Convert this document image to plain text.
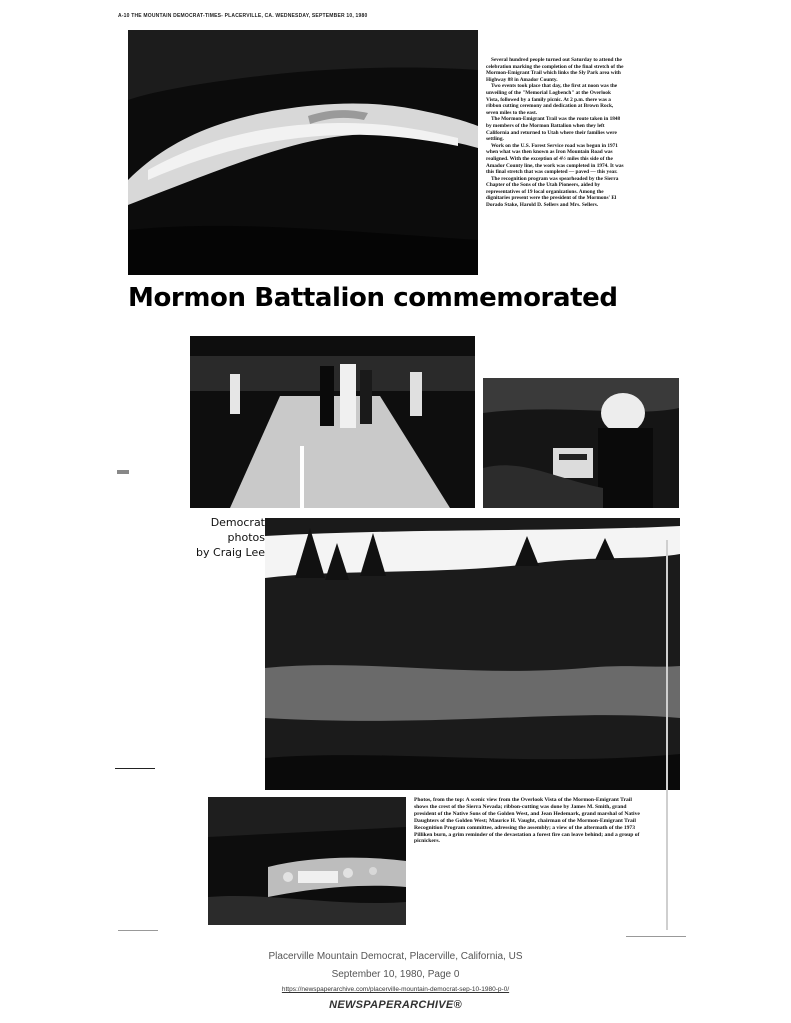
A-10 THE MOUNTAIN DEMOCRAT-TIMES- PLACERVILLE, CA. WEDNESDAY, SEPTEMBER 10, 1980

Several hundred people turned out Saturday to attend the celebration marking the completion of the final stretch of the Mormon-Emigrant Trail which links the Sly Park area with Highway 88 in Amador County.

Two events took place that day, the first at noon was the unveiling of the "Memorial Logbench" at the Overlook Vista, followed by a family picnic. At 2 p.m. there was a ribbon cutting ceremony and dedication at Brown Rock, seven miles to the east.

The Mormon-Emigrant Trail was the route taken in 1848 by members of the Mormon Battalion when they left California and returned to Utah where their families were settling.

Work on the U.S. Forest Service road was begun in 1971 when what was then known as Iron Mountain Road was realigned. With the exception of 4½ miles this side of the Amador County line, the work was completed in 1974. It was this final stretch that was completed — paved — this year.

The recognition program was spearheaded by the Sierra Chapter of the Sons of the Utah Pioneers, aided by representatives of 19 local organizations. Among the dignitaries present were the president of the Mormons' El Dorado Stake, Harold D. Sellers and Mrs. Sellers.

Mormon Battalion commemorated
Democrat
photos
by Craig Lee
Photos, from the top: A scenic view from the Overlook Vista of the Mormon-Emigrant Trail shows the crest of the Sierra Nevada; ribbon-cutting was done by James M. Smith, grand president of the Native Sons of the Golden West, and Jean Hedemark, grand marshal of Native Daughters of the Golden West; Maurice H. Vaught, chairman of the Mormon-Emigrant Trail Recognition Program committee, adressing the assembly; a view of the aftermath of the 1973 Pilliken burn, a grim reminder of the devastation a forest fire can leave behind; and a group of picnickers.
Placerville Mountain Democrat, Placerville, California, US
September 10, 1980, Page 0
https://newspaperarchive.com/placerville-mountain-democrat-sep-10-1980-p-0/
NEWSPAPERARCHIVE®
